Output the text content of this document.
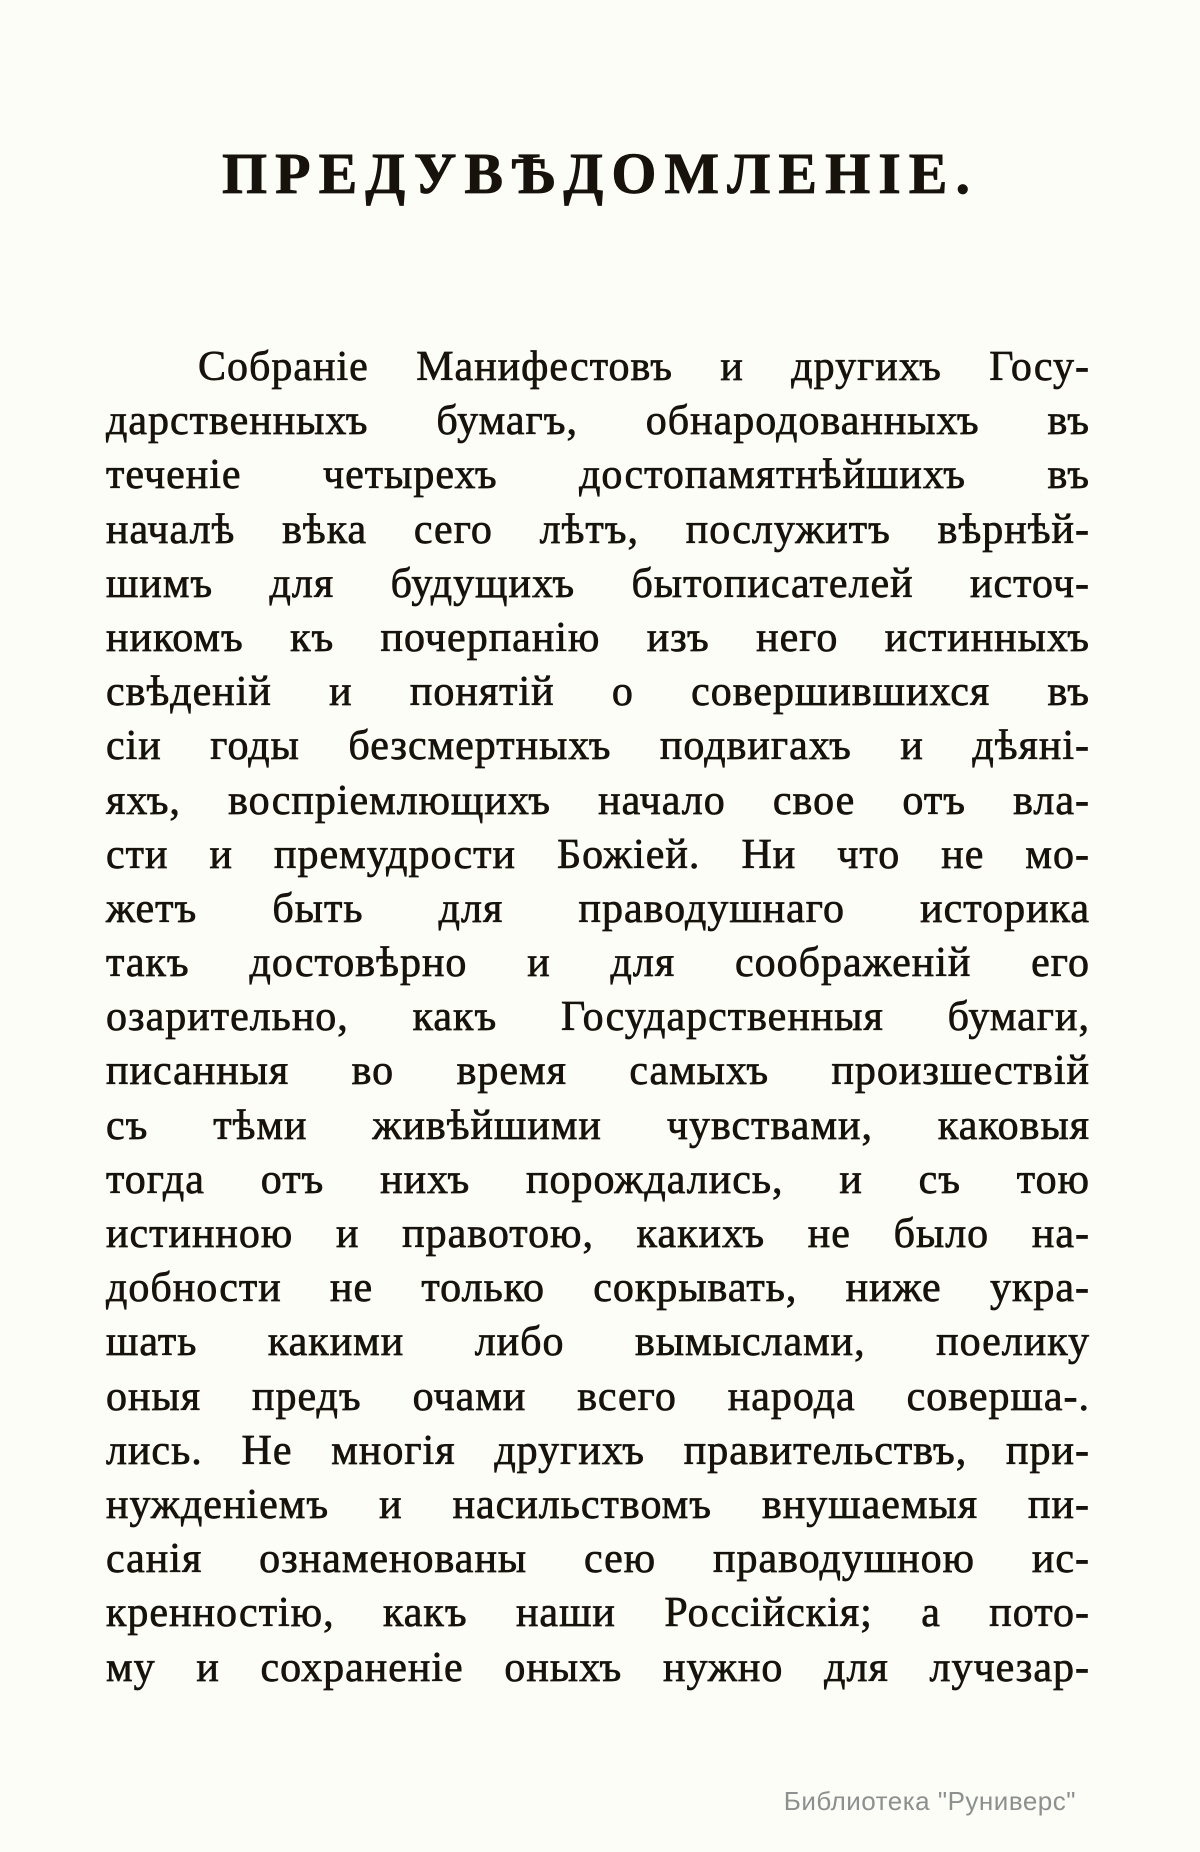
ПРЕДУВѢДОМЛЕНІЕ.
Собраніе Манифестовъ и другихъ Госу-
дарственныхъ бумагъ, обнародованныхъ въ
теченіе четырехъ достопамятнѣйшихъ въ
началѣ вѣка сего лѣтъ, послужитъ вѣрнѣй-
шимъ для будущихъ бытописателей источ-
никомъ къ почерпанію изъ него истинныхъ
свѣденій и понятій о совершившихся въ
сіи годы безсмертныхъ подвигахъ и дѣяні-
яхъ, воспріемлющихъ начало свое отъ вла-
сти и премудрости Божіей. Ни что не мо-
жетъ быть для праводушнаго историка
такъ достовѣрно и для соображеній его
озарительно, какъ Государственныя бумаги,
писанныя во время самыхъ произшествій
съ тѣми живѣйшими чувствами, каковыя
тогда отъ нихъ порождались, и съ тою
истинною и правотою, какихъ не было на-
добности не только сокрывать, ниже укра-
шать какими либо вымыслами, поелику
оныя предъ очами всего народа соверша-.
лись. Не многія другихъ правительствъ, при-
нужденіемъ и насильствомъ внушаемыя пи-
санія ознаменованы сею праводушною ис-
кренностію, какъ наши Россійскія; а пото-
му и сохраненіе оныхъ нужно для лучезар-
Библиотека "Руниверс"
